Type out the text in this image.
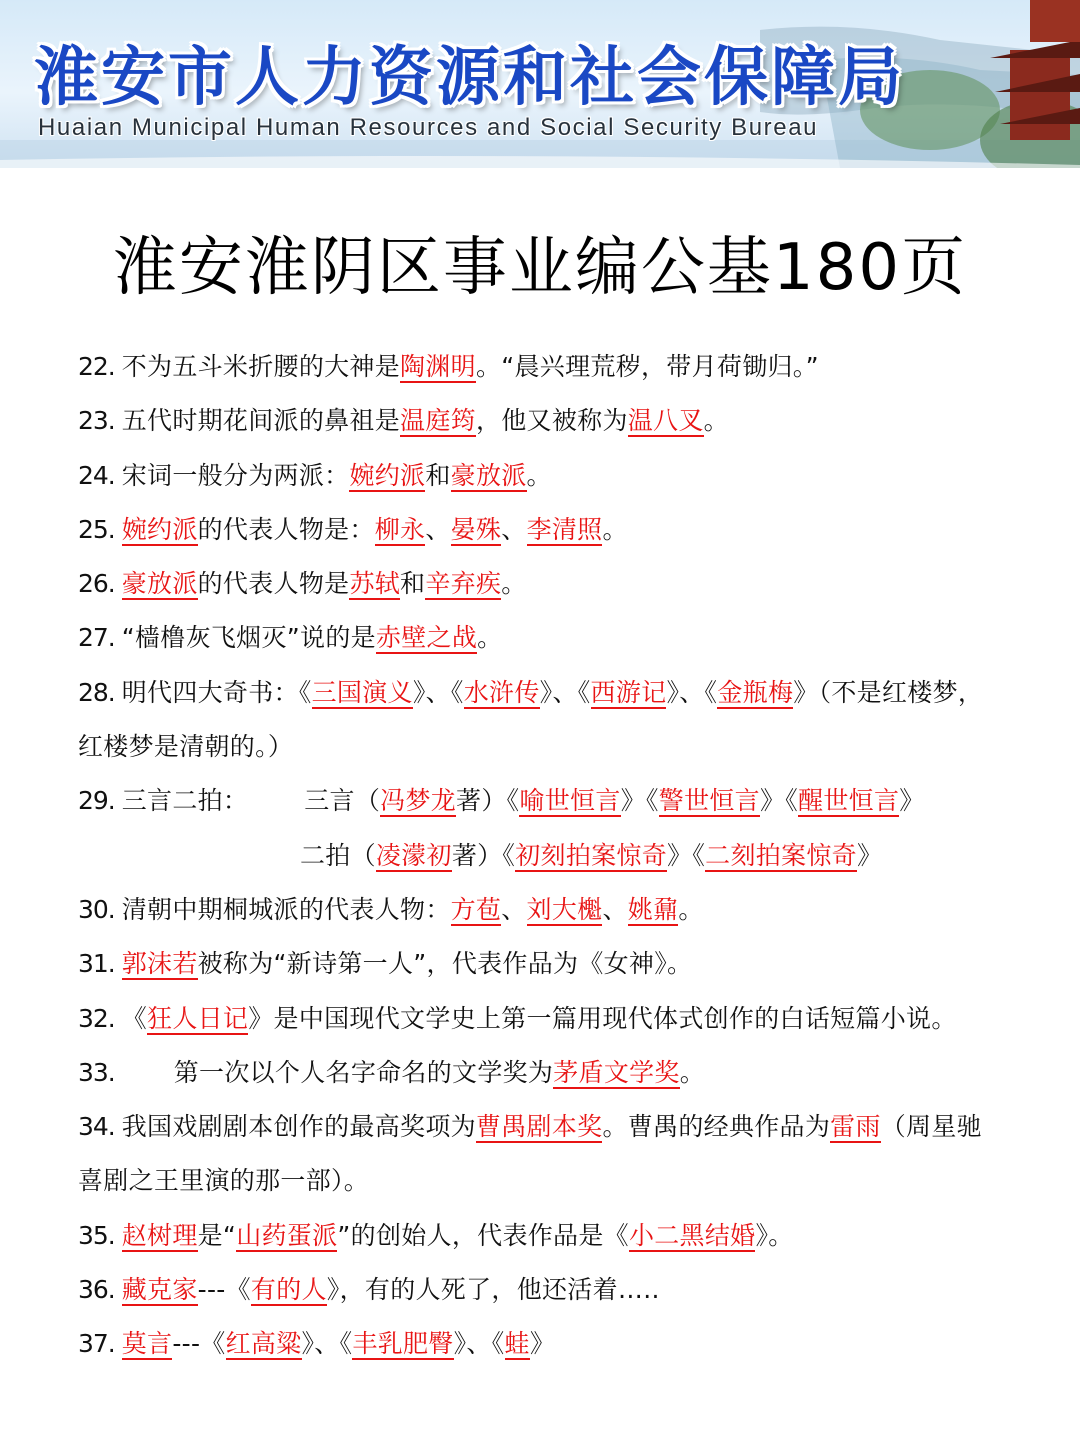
淮安市人力资源和社会保障局

Huaian Municipal Human Resources and Social Security Bureau

淮安淮阴区事业编公基180页
22. 不为五斗米折腰的大神是陶渊明。“晨兴理荒秽，带月荷锄归。”
23. 五代时期花间派的鼻祖是温庭筠，他又被称为温八叉。
24. 宋词一般分为两派：婉约派和豪放派。
25. 婉约派的代表人物是：柳永、晏殊、李清照。
26. 豪放派的代表人物是苏轼和辛弃疾。
27. “樯橹灰飞烟灭”说的是赤壁之战。
28. 明代四大奇书：《三国演义》、《水浒传》、《西游记》、《金瓶梅》（不是红楼梦，
红楼梦是清朝的。）
29. 三言二拍： 三言（冯梦龙著）《喻世恒言》《警世恒言》《醒世恒言》
二拍（凌濛初著）《初刻拍案惊奇》《二刻拍案惊奇》
30. 清朝中期桐城派的代表人物：方苞、刘大櫆、姚鼐。
31. 郭沫若被称为“新诗第一人”，代表作品为《女神》。
32. 《狂人日记》是中国现代文学史上第一篇用现代体式创作的白话短篇小说。
33. 第一次以个人名字命名的文学奖为茅盾文学奖。
34. 我国戏剧剧本创作的最高奖项为曹禺剧本奖。曹禺的经典作品为雷雨（周星驰
喜剧之王里演的那一部）。
35. 赵树理是“山药蛋派”的创始人，代表作品是《小二黑结婚》。
36. 藏克家---《有的人》，有的人死了，他还活着…..
37. 莫言---《红高粱》、《丰乳肥臀》、《蛙》
